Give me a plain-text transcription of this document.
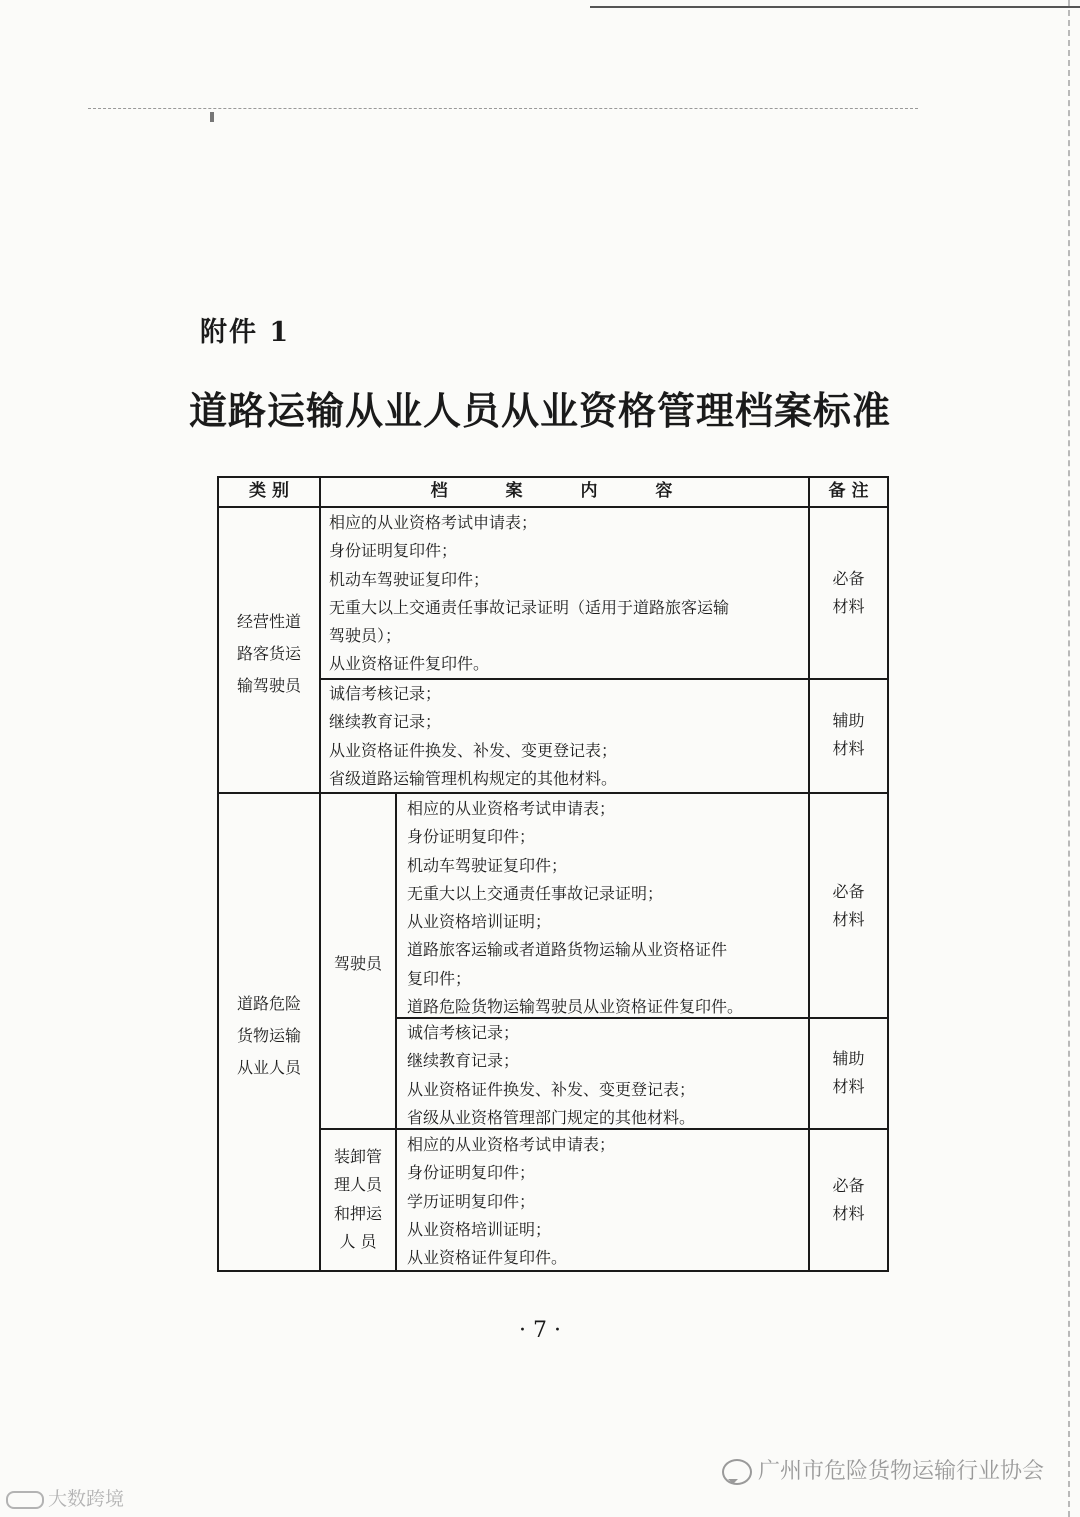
附件 1
道路运输从业人员从业资格管理档案标准
类 别	档 案 内 容	备 注
经营性道
路客货运
输驾驶员
相应的从业资格考试申请表；
身份证明复印件；
机动车驾驶证复印件；
无重大以上交通责任事故记录证明（适用于道路旅客运输
驾驶员）；
从业资格证件复印件。
必备
材料
诚信考核记录；
继续教育记录；
从业资格证件换发、补发、变更登记表；
省级道路运输管理机构规定的其他材料。
辅助
材料
道路危险
货物运输
从业人员
驾驶员
相应的从业资格考试申请表；
身份证明复印件；
机动车驾驶证复印件；
无重大以上交通责任事故记录证明；
从业资格培训证明；
道路旅客运输或者道路货物运输从业资格证件
复印件；
道路危险货物运输驾驶员从业资格证件复印件。
必备
材料
诚信考核记录；
继续教育记录；
从业资格证件换发、补发、变更登记表；
省级从业资格管理部门规定的其他材料。
辅助
材料
装卸管
理人员
和押运
人 员
相应的从业资格考试申请表；
身份证明复印件；
学历证明复印件；
从业资格培训证明；
从业资格证件复印件。
必备
材料
· 7 ·
广州市危险货物运输行业协会
大数跨境
